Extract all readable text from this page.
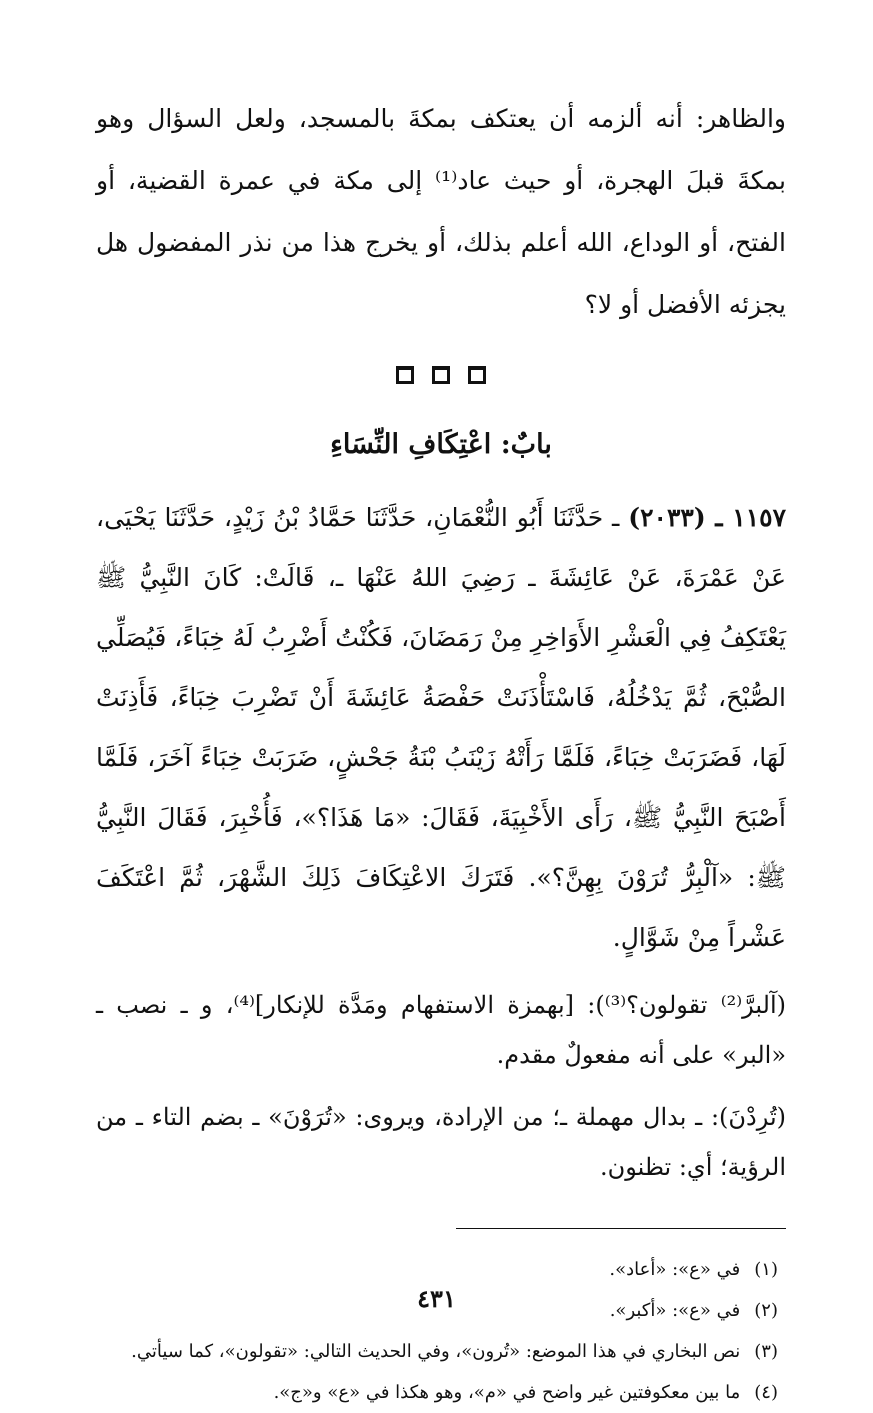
والظاهر: أنه ألزمه أن يعتكف بمكةَ بالمسجد، ولعل السؤال وهو بمكةَ قبلَ الهجرة، أو حيث عاد⁽¹⁾ إلى مكة في عمرة القضية، أو الفتح، أو الوداع، الله أعلم بذلك، أو يخرج هذا من نذر المفضول هل يجزئه الأفضل أو لا؟

بابٌ: اعْتِكَافِ النِّسَاءِ

١١٥٧ ـ (٢٠٣٣) ـ حَدَّثَنَا أَبُو النُّعْمَانِ، حَدَّثَنَا حَمَّادُ بْنُ زَيْدٍ، حَدَّثَنَا يَحْيَى، عَنْ عَمْرَةَ، عَنْ عَائِشَةَ ـ رَضِيَ اللهُ عَنْهَا ـ، قَالَتْ: كَانَ النَّبِيُّ ﷺ يَعْتَكِفُ فِي الْعَشْرِ الأَوَاخِرِ مِنْ رَمَضَانَ، فَكُنْتُ أَضْرِبُ لَهُ خِبَاءً، فَيُصَلِّي الصُّبْحَ، ثُمَّ يَدْخُلُهُ، فَاسْتَأْذَنَتْ حَفْصَةُ عَائِشَةَ أَنْ تَضْرِبَ خِبَاءً، فَأَذِنَتْ لَهَا، فَضَرَبَتْ خِبَاءً، فَلَمَّا رَأَتْهُ زَيْنَبُ بْنَةُ جَحْشٍ، ضَرَبَتْ خِبَاءً آخَرَ، فَلَمَّا أَصْبَحَ النَّبِيُّ ﷺ، رَأَى الأَخْبِيَةَ، فَقَالَ: «مَا هَذَا؟»، فَأُخْبِرَ، فَقَالَ النَّبِيُّ ﷺ: «آلْبِرُّ تُرَوْنَ بِهِنَّ؟». فَتَرَكَ الاعْتِكَافَ ذَلِكَ الشَّهْرَ، ثُمَّ اعْتَكَفَ عَشْراً مِنْ شَوَّالٍ.

(آلبرَّ⁽²⁾ تقولون؟⁽³⁾): [بهمزة الاستفهام ومَدَّة للإنكار]⁽⁴⁾، و ـ نصب ـ «البر» على أنه مفعولٌ مقدم.

(تُرِدْنَ): ـ بدال مهملة ـ؛ من الإرادة، ويروى: «تُرَوْنَ» ـ بضم التاء ـ من الرؤية؛ أي: تظنون.

(١)
في «ع»: «أعاد».
(٢)
في «ع»: «أكبر».
(٣)
نص البخاري في هذا الموضع: «تُرون»، وفي الحديث التالي: «تقولون»، كما سيأتي.
(٤)
ما بين معكوفتين غير واضح في «م»، وهو هكذا في «ع» و«ج».
٤٣١
